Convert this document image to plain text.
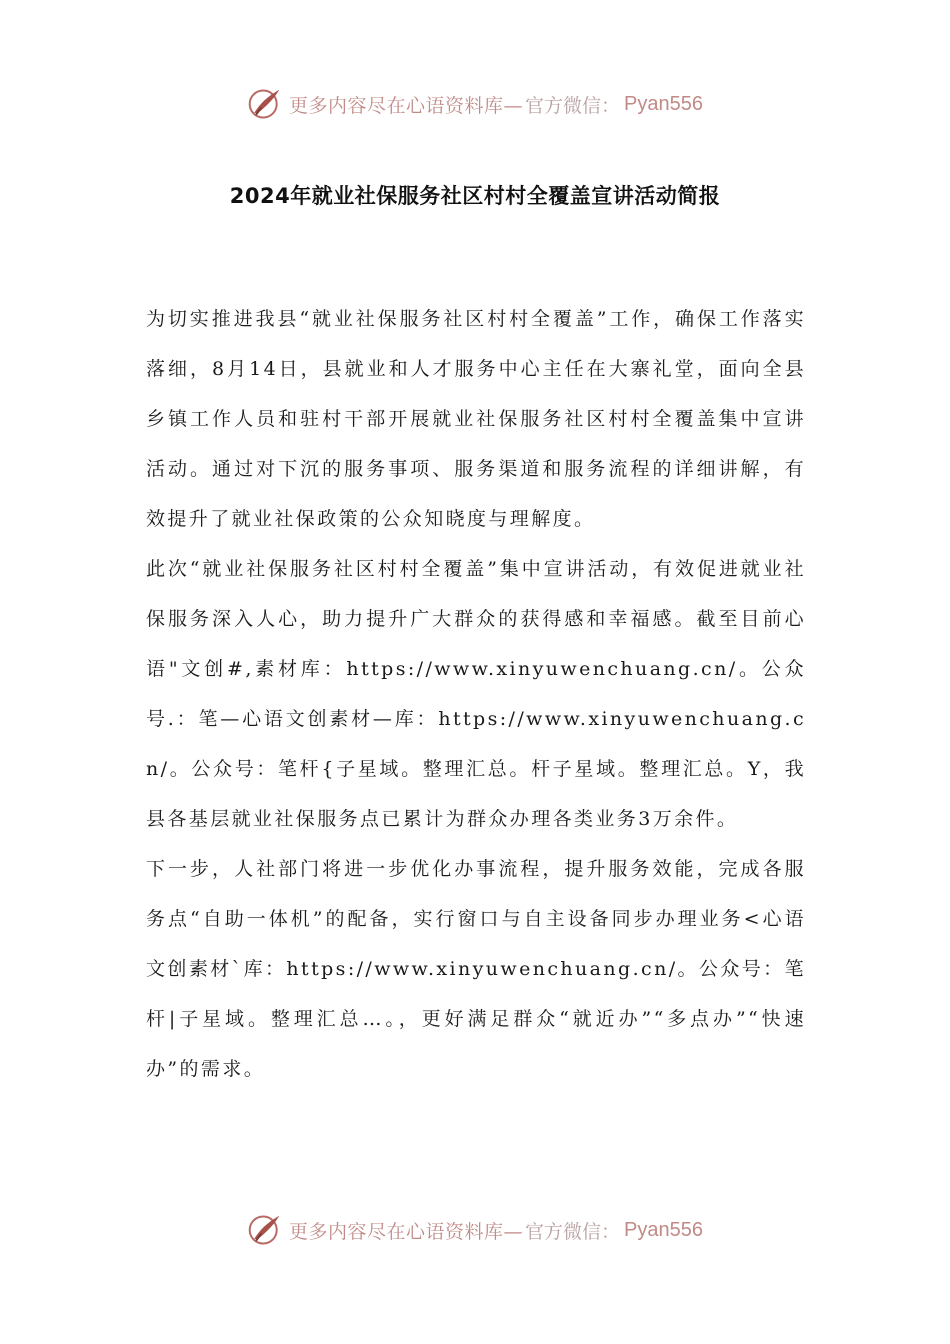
更多内容尽在心语资料库— 官方微信： Pyan556
2024年就业社保服务社区村村全覆盖宣讲活动简报

为切实推进我县“就业社保服务社区村村全覆盖”工作，确保工作落实落细，8月14日，县就业和人才服务中心主任在大寨礼堂，面向全县乡镇工作人员和驻村干部开展就业社保服务社区村村全覆盖集中宣讲活动。通过对下沉的服务事项、服务渠道和服务流程的详细讲解，有效提升了就业社保政策的公众知晓度与理解度。

此次“就业社保服务社区村村全覆盖”集中宣讲活动，有效促进就业社保服务深入人心，助力提升广大群众的获得感和幸福感。截至目前心语"文创#,素材库：https://www.xinyuwenchuang.cn/。公众号.：笔—心语文创素材—库：https://www.xinyuwenchuang.cn/。公众号：笔杆{子星域。整理汇总。杆子星域。整理汇总。Y，我县各基层就业社保服务点已累计为群众办理各类业务3万余件。

下一步，人社部门将进一步优化办事流程，提升服务效能，完成各服务点“自助一体机”的配备，实行窗口与自主设备同步办理业务<心语文创素材`库：https://www.xinyuwenchuang.cn/。公众号：笔杆|子星域。整理汇总…。，更好满足群众“就近办”“多点办”“快速办”的需求。

更多内容尽在心语资料库— 官方微信： Pyan556
